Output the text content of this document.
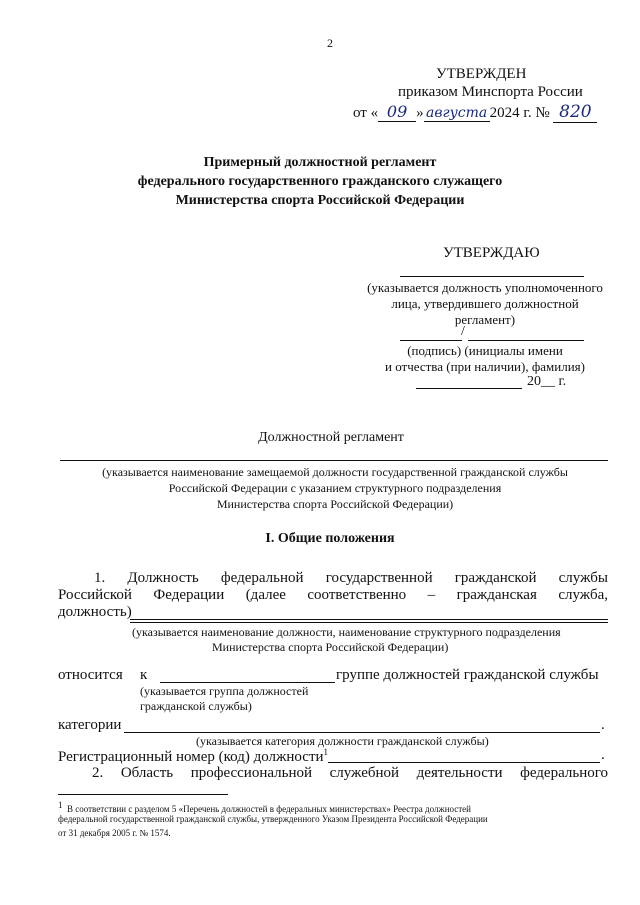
2
УТВЕРЖДЕН
приказом Минспорта России
от « 09 » августа 2024 г. № 820
Примерный должностной регламент
федерального государственного гражданского служащего
Министерства спорта Российской Федерации
УТВЕРЖДАЮ
(указывается должность уполномоченного
лица, утвердившего должностной
регламент)
/
(подпись) (инициалы имени
и отчества (при наличии), фамилия)
20__ г.
Должностной регламент
(указывается наименование замещаемой должности государственной гражданской службы
Российской Федерации с указанием структурного подразделения
Министерства спорта Российской Федерации)
I. Общие положения
1. Должность федеральной государственной гражданской службы
Российской Федерации (далее соответственно – гражданская служба,
должность)
(указывается наименование должности, наименование структурного подразделения
Министерства спорта Российской Федерации)
относится к	группе должностей гражданской службы
(указывается группа должностей
гражданской службы)
категории	.
(указывается категория должности гражданской службы)
Регистрационный номер (код) должности$^1$	.
2. Область профессиональной служебной деятельности федерального
$^1$ В соответствии с разделом 5 «Перечень должностей в федеральных министерствах» Реестра должностей
федеральной государственной гражданской службы, утвержденного Указом Президента Российской Федерации
от 31 декабря 2005 г. № 1574.
